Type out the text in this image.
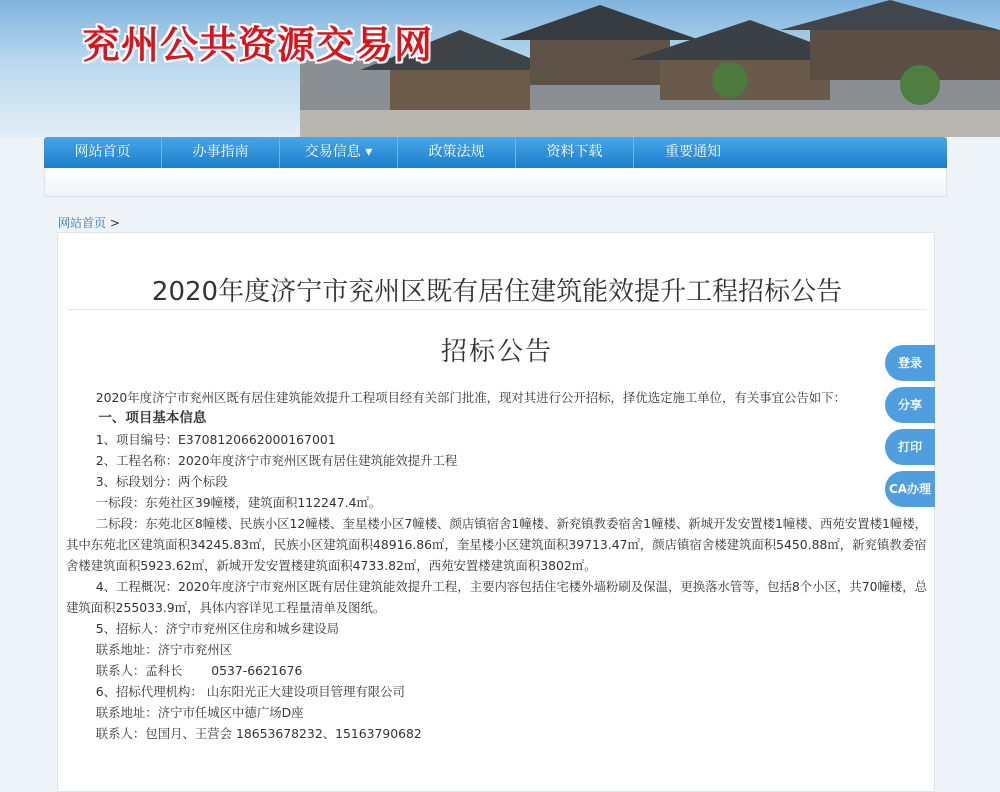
兖州公共资源交易网
网站首页	办事指南	交易信息 ▾	政策法规	资料下载	重要通知
网站首页 >
2020年度济宁市兖州区既有居住建筑能效提升工程招标公告
招标公告

2020年度济宁市兖州区既有居住建筑能效提升工程项目经有关部门批准，现对其进行公开招标，择优选定施工单位，有关事宜公告如下：

一、项目基本信息

1、项目编号：E3708120662000167001

2、工程名称：2020年度济宁市兖州区既有居住建筑能效提升工程

3、标段划分：两个标段

一标段：东苑社区39幢楼，建筑面积112247.4㎡。

二标段：东苑北区8幢楼、民族小区12幢楼、奎星楼小区7幢楼、颜店镇宿舍1幢楼、新兖镇教委宿舍1幢楼、新城开发安置楼1幢楼、西苑安置楼1幢楼，其中东苑北区建筑面积34245.83㎡，民族小区建筑面积48916.86㎡，奎星楼小区建筑面积39713.47㎡，颜店镇宿舍楼建筑面积5450.88㎡，新兖镇教委宿舍楼建筑面积5923.62㎡，新城开发安置楼建筑面积4733.82㎡，西苑安置楼建筑面积3802㎡。

4、工程概况：2020年度济宁市兖州区既有居住建筑能效提升工程，主要内容包括住宅楼外墙粉刷及保温，更换落水管等，包括8个小区，共70幢楼，总建筑面积255033.9㎡，具体内容详见工程量清单及图纸。

5、招标人：济宁市兖州区住房和城乡建设局

联系地址：济宁市兖州区

联系人：孟科长　　 0537-6621676

6、招标代理机构： 山东阳光正大建设项目管理有限公司

联系地址：济宁市任城区中德广场D座

联系人：包国月、王营会 18653678232、15163790682

登录
分享
打印
CA办理
